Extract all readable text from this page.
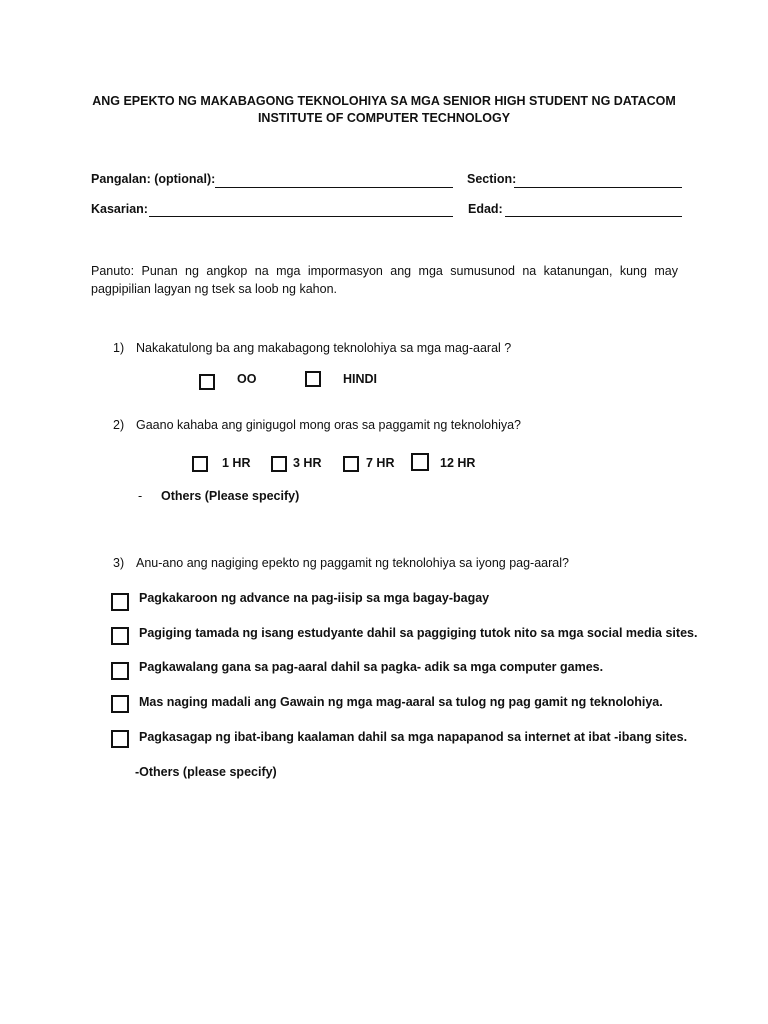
ANG EPEKTO NG MAKABAGONG TEKNOLOHIYA SA MGA SENIOR HIGH STUDENT NG DATACOM
INSTITUTE OF COMPUTER TECHNOLOGY
Pangalan: (optional):	Section:
Kasarian:	Edad:
Panuto: Punan ng angkop na mga impormasyon ang mga sumusunod na katanungan, kung may pagpipilian lagyan ng tsek sa loob ng kahon.
1) Nakakatulong ba ang makabagong teknolohiya sa mga mag-aaral ?
OO	HINDI
2) Gaano kahaba ang ginigugol mong oras sa paggamit ng teknolohiya?
1 HR	3 HR	7 HR	12 HR
- Others (Please specify)
3) Anu-ano ang nagiging epekto ng paggamit ng teknolohiya sa iyong pag-aaral?
Pagkakaroon ng advance na pag-iisip sa mga bagay-bagay
Pagiging tamada ng isang estudyante dahil sa paggiging tutok nito sa mga social media sites.
Pagkawalang gana sa pag-aaral dahil sa pagka- adik sa mga computer games.
Mas naging madali ang Gawain ng mga mag-aaral sa tulog ng pag gamit ng teknolohiya.
Pagkasagap ng ibat-ibang kaalaman dahil sa mga napapanod sa internet at ibat -ibang sites.
-Others (please specify)
